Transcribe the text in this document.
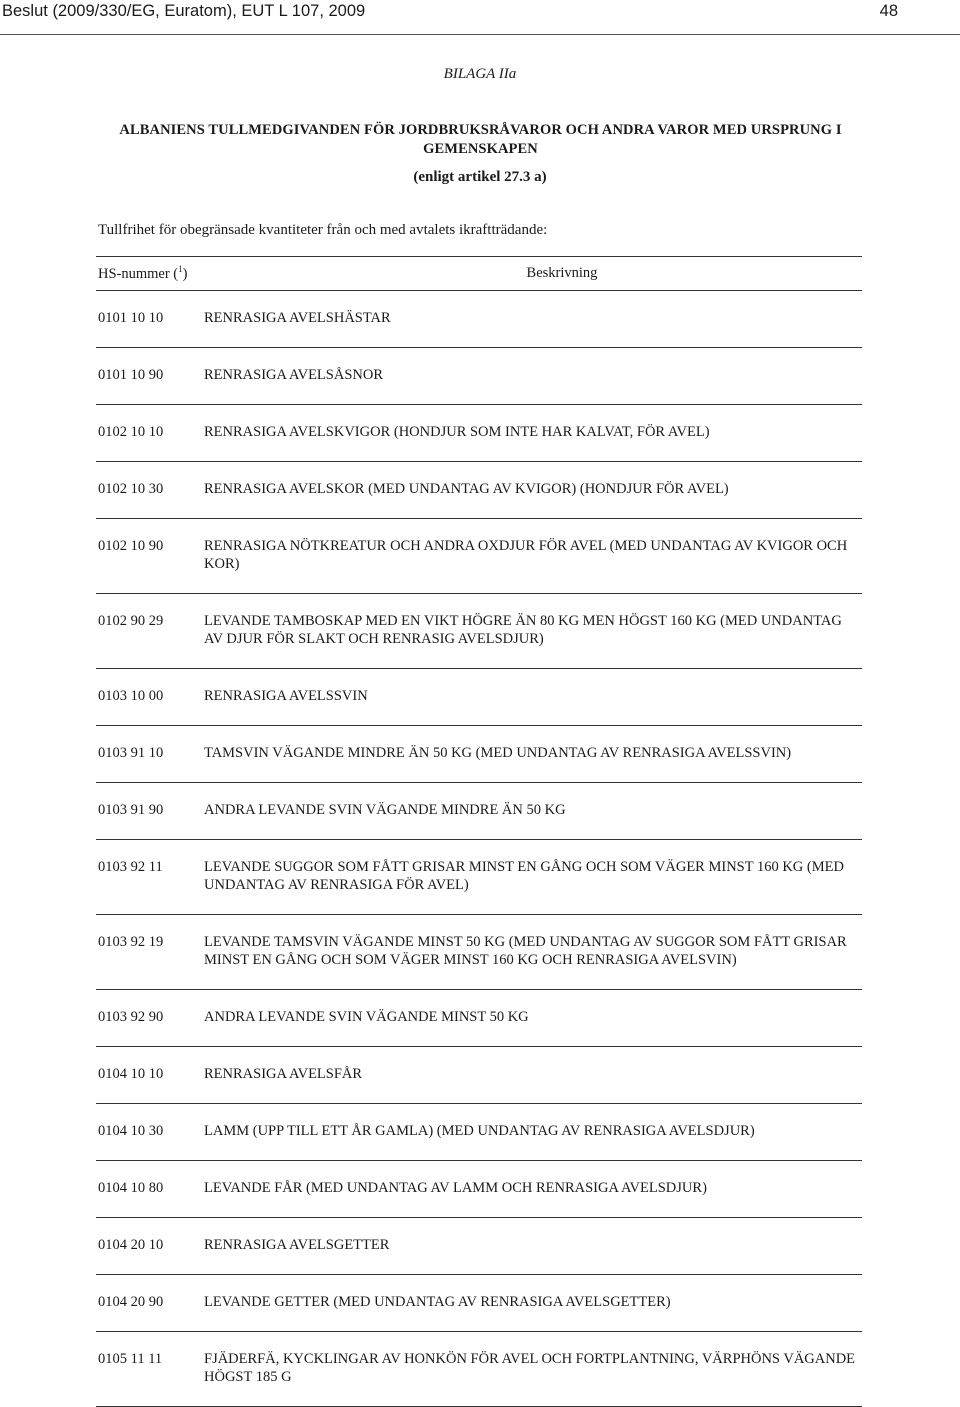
Beslut (2009/330/EG, Euratom), EUT L 107, 2009	48
BILAGA IIa
ALBANIENS TULLMEDGIVANDEN FÖR JORDBRUKSRÅVAROR OCH ANDRA VAROR MED URSPRUNG I GEMENSKAPEN
(enligt artikel 27.3 a)
Tullfrihet för obegränsade kvantiteter från och med avtalets ikraftträdande:
HS-nummer ($^1$)	Beskrivning
0101 10 10	RENRASIGA AVELSHÄSTAR
0101 10 90	RENRASIGA AVELSÅSNOR
0102 10 10	RENRASIGA AVELSKVIGOR (HONDJUR SOM INTE HAR KALVAT, FÖR AVEL)
0102 10 30	RENRASIGA AVELSKOR (MED UNDANTAG AV KVIGOR) (HONDJUR FÖR AVEL)
0102 10 90	RENRASIGA NÖTKREATUR OCH ANDRA OXDJUR FÖR AVEL (MED UNDANTAG AV KVIGOR OCH KOR)
0102 90 29	LEVANDE TAMBOSKAP MED EN VIKT HÖGRE ÄN 80 KG MEN HÖGST 160 KG (MED UNDANTAG AV DJUR FÖR SLAKT OCH RENRASIG AVELSDJUR)
0103 10 00	RENRASIGA AVELSSVIN
0103 91 10	TAMSVIN VÄGANDE MINDRE ÄN 50 KG (MED UNDANTAG AV RENRASIGA AVELSSVIN)
0103 91 90	ANDRA LEVANDE SVIN VÄGANDE MINDRE ÄN 50 KG
0103 92 11	LEVANDE SUGGOR SOM FÅTT GRISAR MINST EN GÅNG OCH SOM VÄGER MINST 160 KG (MED UNDANTAG AV RENRASIGA FÖR AVEL)
0103 92 19	LEVANDE TAMSVIN VÄGANDE MINST 50 KG (MED UNDANTAG AV SUGGOR SOM FÅTT GRISAR MINST EN GÅNG OCH SOM VÄGER MINST 160 KG OCH RENRASIGA AVELSVIN)
0103 92 90	ANDRA LEVANDE SVIN VÄGANDE MINST 50 KG
0104 10 10	RENRASIGA AVELSFÅR
0104 10 30	LAMM (UPP TILL ETT ÅR GAMLA) (MED UNDANTAG AV RENRASIGA AVELSDJUR)
0104 10 80	LEVANDE FÅR (MED UNDANTAG AV LAMM OCH RENRASIGA AVELSDJUR)
0104 20 10	RENRASIGA AVELSGETTER
0104 20 90	LEVANDE GETTER (MED UNDANTAG AV RENRASIGA AVELSGETTER)
0105 11 11	FJÄDERFÄ, KYCKLINGAR AV HONKÖN FÖR AVEL OCH FORTPLANTNING, VÄRPHÖNS VÄGANDE HÖGST 185 G
